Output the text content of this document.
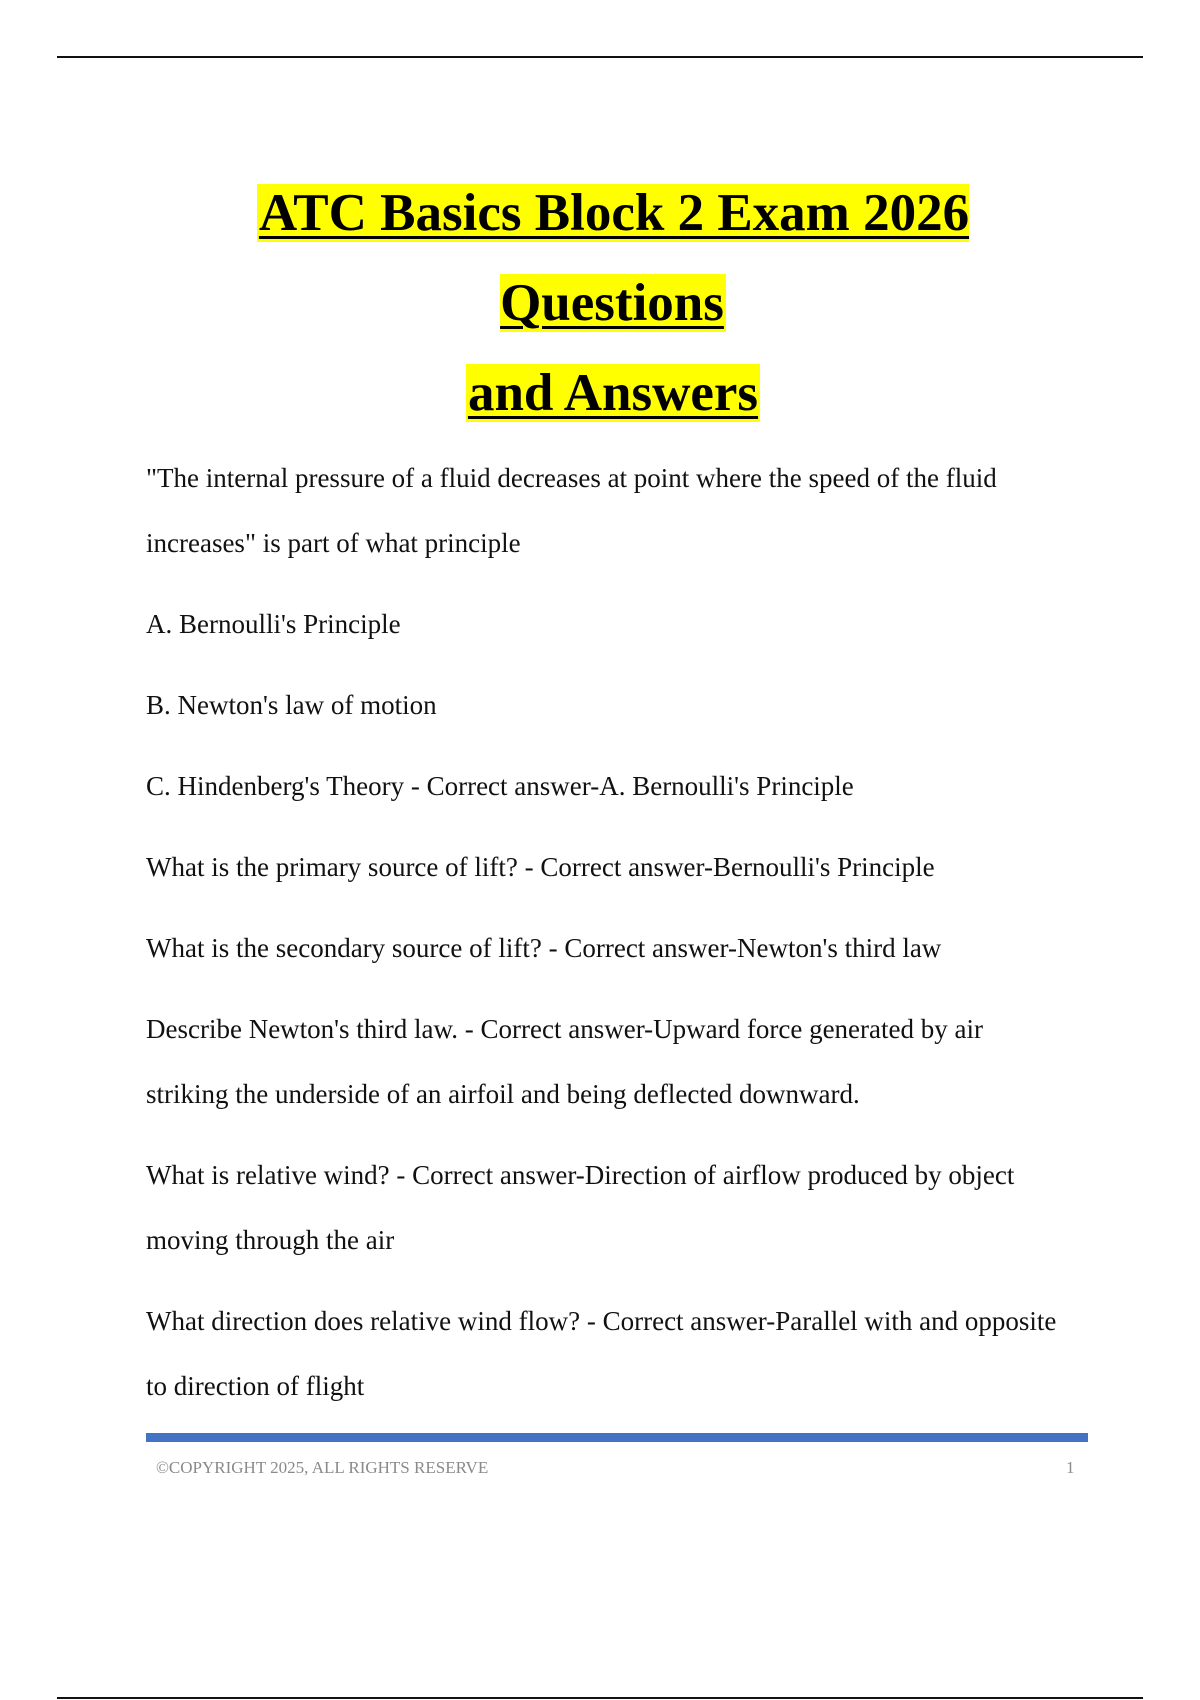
ATC Basics Block 2 Exam 2026 Questions
and Answers

"The internal pressure of a fluid decreases at point where the speed of the fluid increases" is part of what principle

A. Bernoulli's Principle

B. Newton's law of motion

C. Hindenberg's Theory - Correct answer-A. Bernoulli's Principle

What is the primary source of lift? - Correct answer-Bernoulli's Principle

What is the secondary source of lift? - Correct answer-Newton's third law

Describe Newton's third law. - Correct answer-Upward force generated by air striking the underside of an airfoil and being deflected downward.

What is relative wind? - Correct answer-Direction of airflow produced by object moving through the air

What direction does relative wind flow? - Correct answer-Parallel with and opposite to direction of flight

©COPYRIGHT 2025, ALL RIGHTS RESERVE	1
